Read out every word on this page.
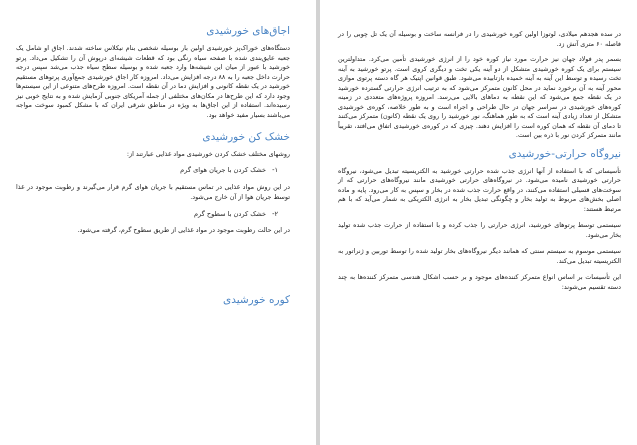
اجاق‌های خورشیدی

دستگاه‌های خوراک‌پز خورشیدی اولین بار بوسیله شخصی بنام نیکلاس ساخته شدند. اجاق او شامل یک جعبه عایق‌بندی شده با صفحه سیاه رنگی بود که قطعات شیشه‌ای درپوش آن را تشکیل می‌داد. پرتو خورشید با عبور از میان این شیشه‌ها وارد جعبه شده و بوسیله سطح سیاه جذب می‌شد سپس درجه حرارت داخل جعبه را به ۸۸ درجه افزایش می‌داد. امروزه کار اجاق خورشیدی جمع‌آوری پرتوهای مستقیم خورشید در یک نقطه کانونی و افزایش دما در آن نقطه است. امروزه طرح‌های متنوعی از این سیستم‌ها وجود دارد که این طرح‌ها در مکان‌های مختلفی از جمله آمریکای جنوبی آزمایش شده و به نتایج خوبی نیز رسیده‌اند. استفاده از این اجاق‌ها به ویژه در مناطق شرقی ایران که با مشکل کمبود سوخت مواجه می‌باشند بسیار مفید خواهد بود.

خشک کن خورشیدی

روشهای مختلف خشک کردن خورشیدی مواد غذایی عبارتند از:

۱-خشک کردن با جریان هوای گرم

در این روش مواد غذایی در تماس مستقیم با جریان هوای گرم قرار می‌گیرند و رطوبت موجود در غذا توسط جریان هوا از آن خارج می‌شود.

۲-خشک کردن با سطوح گرم

در این حالت رطوبت موجود در مواد غذایی از طریق سطوح گرم، گرفته می‌شود.

کوره خورشیدی

در سده هجدهم میلادی، لوتوزا اولین کوره خورشیدی را در فرانسه ساخت و بوسیله آن یک تل چوبی را در فاصله ۶۰ متری آتش زد.

بسمر پدر فولاد جهان نیز حرارت مورد نیاز کوره خود را از انرژی خورشیدی تأمین می‌کرد. متداولترین سیستم برای یک کوره خورشیدی متشکل از دو آینه یکی تخت و دیگری کروی است. پرتو خورشید به آینه تخت رسیده و توسط این آینه به آینه خمیده بازتابیده می‌شود. طبق قوانین اپتیک هر گاه دسته پرتوی موازی محور آینه به آن برخورد نماید در محل کانون متمرکز می‌شود که به ترتیب انرژی حرارتی گسترده خورشید در یک نقطه جمع می‌شود که این نقطه به دماهای بالایی می‌رسد. امروزه پروژه‌های متعددی در زمینه کوره‌های خورشیدی در سراسر جهان در حال طراحی و اجراء است و به طور خلاصه، کوره‌ی خورشیدی متشکل از تعداد زیادی آینه است که به طور هماهنگ، نور خورشید را روی یک نقطه (کانون) متمرکز می‌کنند تا دمای آن نقطه که همان کوره است را افزایش دهند. چیزی که در کوره‌ی خورشیدی اتفاق می‌افتد، تقریباً مانند متمرکز کردن نور با ذره بین است.

نیروگاه حرارتی-خورشیدی

تأسیساتی که با استفاده از آنها انرژی جذب شده حرارتی خورشید به الکتریسیته تبدیل می‌شود، نیروگاه حرارتی خورشیدی نامیده می‌شود. در نیروگاه‌های حرارتی خورشیدی مانند نیروگاه‌های حرارتی که از سوخت‌های فسیلی استفاده می‌کنند، در واقع حرارت جذب شده در بخار و سپس به کار می‌رود. پایه و ماده اصلی بخش‌های مربوط به تولید بخار و چگونگی تبدیل بخار به انرژی الکتریکی به شمار می‌آید که با هم مرتبط هستند:

سیستمی توسط پرتوهای خورشید، انرژی حرارتی را جذب کرده و با استفاده از حرارت جذب شده تولید بخار می‌شود.

سیستمی موسوم به سیستم سنتی که همانند دیگر نیروگاه‌های بخار تولید شده را توسط توربین و ژنراتور به الکتریسیته تبدیل می‌کند.

این تأسیسات بر اساس انواع متمرکز کننده‌های موجود و بر حسب اشکال هندسی متمرکز کننده‌ها به چند دسته تقسیم می‌شوند:
